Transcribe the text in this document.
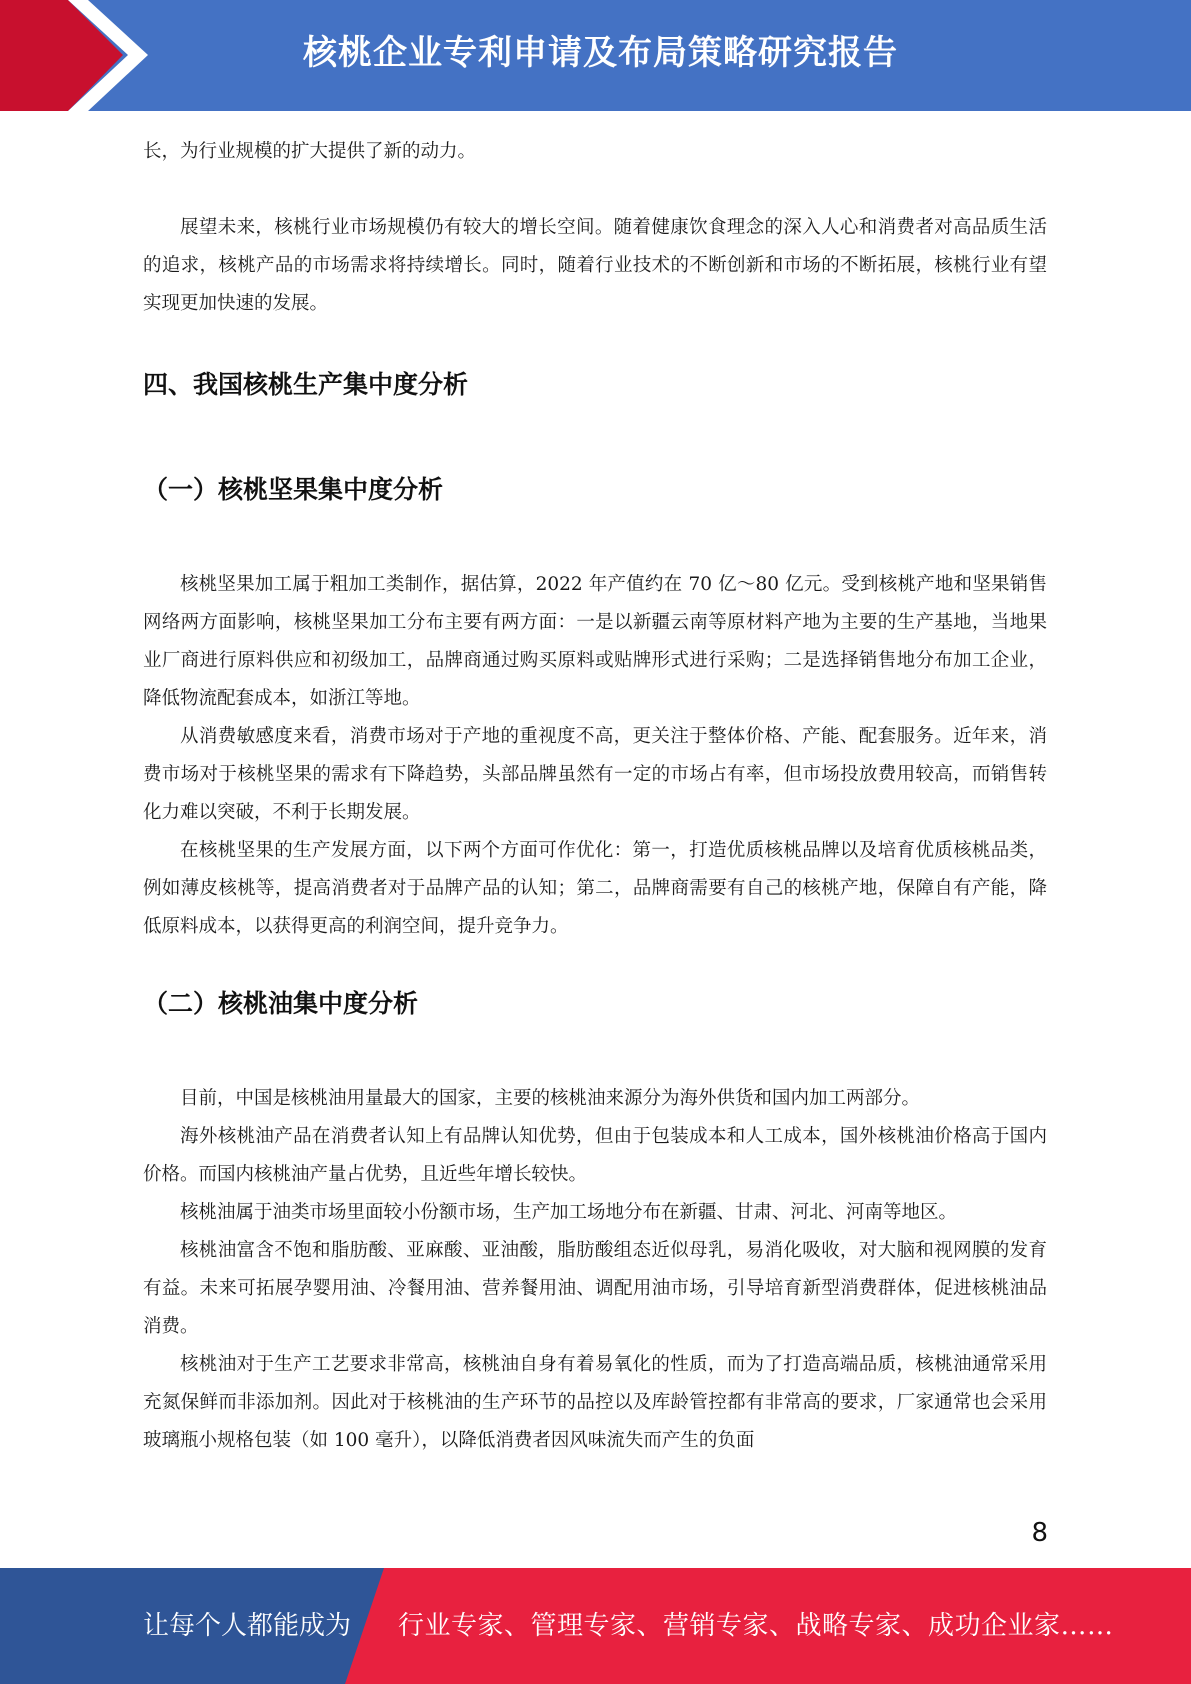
核桃企业专利申请及布局策略研究报告

长，为行业规模的扩大提供了新的动力。

展望未来，核桃行业市场规模仍有较大的增长空间。随着健康饮食理念的深入人心和消费者对高品质生活的追求，核桃产品的市场需求将持续增长。同时，随着行业技术的不断创新和市场的不断拓展，核桃行业有望实现更加快速的发展。

四、我国核桃生产集中度分析
（一）核桃坚果集中度分析

核桃坚果加工属于粗加工类制作，据估算，2022 年产值约在 70 亿～80 亿元。受到核桃产地和坚果销售网络两方面影响，核桃坚果加工分布主要有两方面：一是以新疆云南等原材料产地为主要的生产基地，当地果业厂商进行原料供应和初级加工，品牌商通过购买原料或贴牌形式进行采购；二是选择销售地分布加工企业，降低物流配套成本，如浙江等地。

从消费敏感度来看，消费市场对于产地的重视度不高，更关注于整体价格、产能、配套服务。近年来，消费市场对于核桃坚果的需求有下降趋势，头部品牌虽然有一定的市场占有率，但市场投放费用较高，而销售转化力难以突破，不利于长期发展。

在核桃坚果的生产发展方面，以下两个方面可作优化：第一，打造优质核桃品牌以及培育优质核桃品类，例如薄皮核桃等，提高消费者对于品牌产品的认知；第二，品牌商需要有自己的核桃产地，保障自有产能，降低原料成本，以获得更高的利润空间，提升竞争力。

（二）核桃油集中度分析

目前，中国是核桃油用量最大的国家，主要的核桃油来源分为海外供货和国内加工两部分。

海外核桃油产品在消费者认知上有品牌认知优势，但由于包装成本和人工成本，国外核桃油价格高于国内价格。而国内核桃油产量占优势，且近些年增长较快。

核桃油属于油类市场里面较小份额市场，生产加工场地分布在新疆、甘肃、河北、河南等地区。

核桃油富含不饱和脂肪酸、亚麻酸、亚油酸，脂肪酸组态近似母乳，易消化吸收，对大脑和视网膜的发育有益。未来可拓展孕婴用油、冷餐用油、营养餐用油、调配用油市场，引导培育新型消费群体，促进核桃油品消费。

核桃油对于生产工艺要求非常高，核桃油自身有着易氧化的性质，而为了打造高端品质，核桃油通常采用充氮保鲜而非添加剂。因此对于核桃油的生产环节的品控以及库龄管控都有非常高的要求，厂家通常也会采用玻璃瓶小规格包装（如 100 毫升），以降低消费者因风味流失而产生的负面

8
让每个人都能成为 行业专家、管理专家、营销专家、战略专家、成功企业家……
